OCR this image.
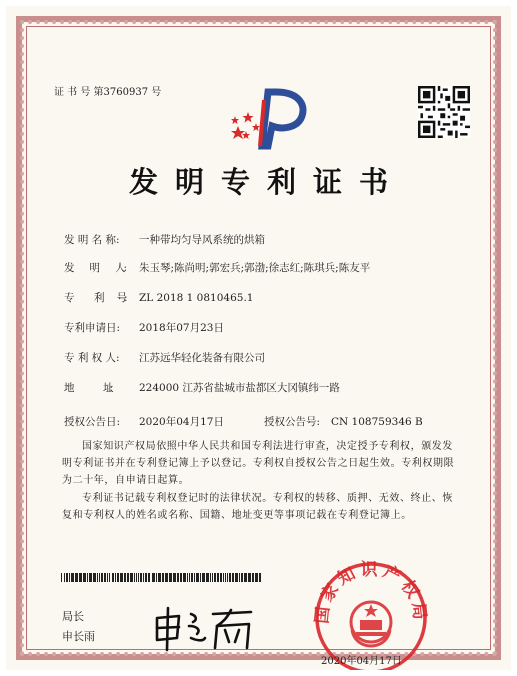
证 书 号 第3760937 号
发明专利证书
发 明 名 称: 一种带均匀导风系统的烘箱
发　　明　　人: 朱玉琴;陈尚明;郭宏兵;郭渤;徐志红;陈琪兵;陈友平
专　　　利　　号: ZL 2018 1 0810465.1
专利申请日: 2018年07月23日
专 利 权 人: 江苏远华轻化装备有限公司
地　　　　　址:	224000 江苏省盐城市盐都区大冈镇纬一路
授权公告日: 2020年04月17日	授权公告号: CN 108759346 B
国家知识产权局依照中华人民共和国专利法进行审查，决定授予专利权，颁发发明专利证书并在专利登记簿上予以登记。专利权自授权公告之日起生效。专利权期限为二十年，自申请日起算。
专利证书记载专利权登记时的法律状况。专利权的转移、质押、无效、终止、恢复和专利权人的姓名或名称、国籍、地址变更等事项记载在专利登记簿上。
局长
申长雨
国家知识产权局
2020年04月17日
